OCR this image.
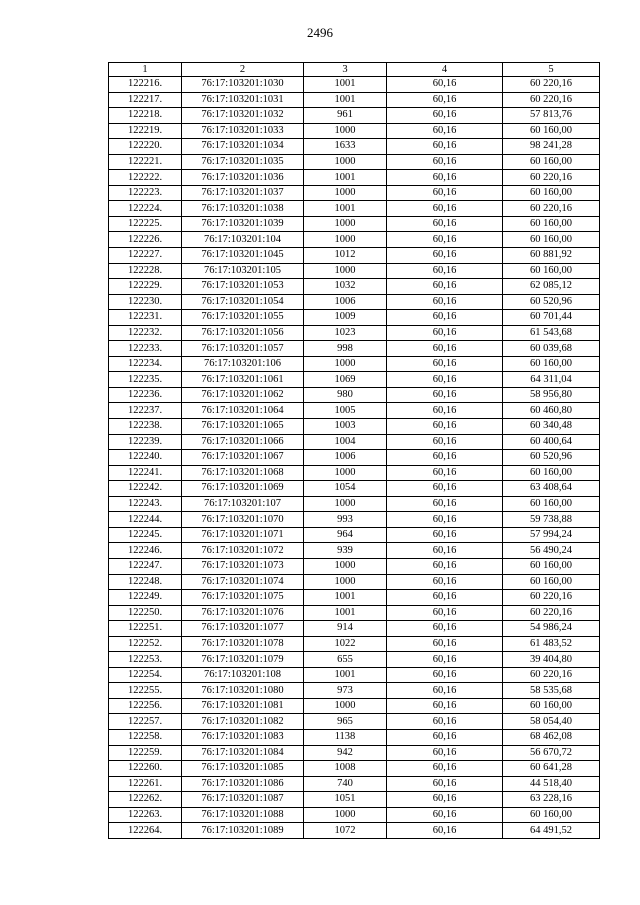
2496
1	2	3	4	5
122216.	76:17:103201:1030	1001	60,16	60 220,16
122217.	76:17:103201:1031	1001	60,16	60 220,16
122218.	76:17:103201:1032	961	60,16	57 813,76
122219.	76:17:103201:1033	1000	60,16	60 160,00
122220.	76:17:103201:1034	1633	60,16	98 241,28
122221.	76:17:103201:1035	1000	60,16	60 160,00
122222.	76:17:103201:1036	1001	60,16	60 220,16
122223.	76:17:103201:1037	1000	60,16	60 160,00
122224.	76:17:103201:1038	1001	60,16	60 220,16
122225.	76:17:103201:1039	1000	60,16	60 160,00
122226.	76:17:103201:104	1000	60,16	60 160,00
122227.	76:17:103201:1045	1012	60,16	60 881,92
122228.	76:17:103201:105	1000	60,16	60 160,00
122229.	76:17:103201:1053	1032	60,16	62 085,12
122230.	76:17:103201:1054	1006	60,16	60 520,96
122231.	76:17:103201:1055	1009	60,16	60 701,44
122232.	76:17:103201:1056	1023	60,16	61 543,68
122233.	76:17:103201:1057	998	60,16	60 039,68
122234.	76:17:103201:106	1000	60,16	60 160,00
122235.	76:17:103201:1061	1069	60,16	64 311,04
122236.	76:17:103201:1062	980	60,16	58 956,80
122237.	76:17:103201:1064	1005	60,16	60 460,80
122238.	76:17:103201:1065	1003	60,16	60 340,48
122239.	76:17:103201:1066	1004	60,16	60 400,64
122240.	76:17:103201:1067	1006	60,16	60 520,96
122241.	76:17:103201:1068	1000	60,16	60 160,00
122242.	76:17:103201:1069	1054	60,16	63 408,64
122243.	76:17:103201:107	1000	60,16	60 160,00
122244.	76:17:103201:1070	993	60,16	59 738,88
122245.	76:17:103201:1071	964	60,16	57 994,24
122246.	76:17:103201:1072	939	60,16	56 490,24
122247.	76:17:103201:1073	1000	60,16	60 160,00
122248.	76:17:103201:1074	1000	60,16	60 160,00
122249.	76:17:103201:1075	1001	60,16	60 220,16
122250.	76:17:103201:1076	1001	60,16	60 220,16
122251.	76:17:103201:1077	914	60,16	54 986,24
122252.	76:17:103201:1078	1022	60,16	61 483,52
122253.	76:17:103201:1079	655	60,16	39 404,80
122254.	76:17:103201:108	1001	60,16	60 220,16
122255.	76:17:103201:1080	973	60,16	58 535,68
122256.	76:17:103201:1081	1000	60,16	60 160,00
122257.	76:17:103201:1082	965	60,16	58 054,40
122258.	76:17:103201:1083	1138	60,16	68 462,08
122259.	76:17:103201:1084	942	60,16	56 670,72
122260.	76:17:103201:1085	1008	60,16	60 641,28
122261.	76:17:103201:1086	740	60,16	44 518,40
122262.	76:17:103201:1087	1051	60,16	63 228,16
122263.	76:17:103201:1088	1000	60,16	60 160,00
122264.	76:17:103201:1089	1072	60,16	64 491,52
